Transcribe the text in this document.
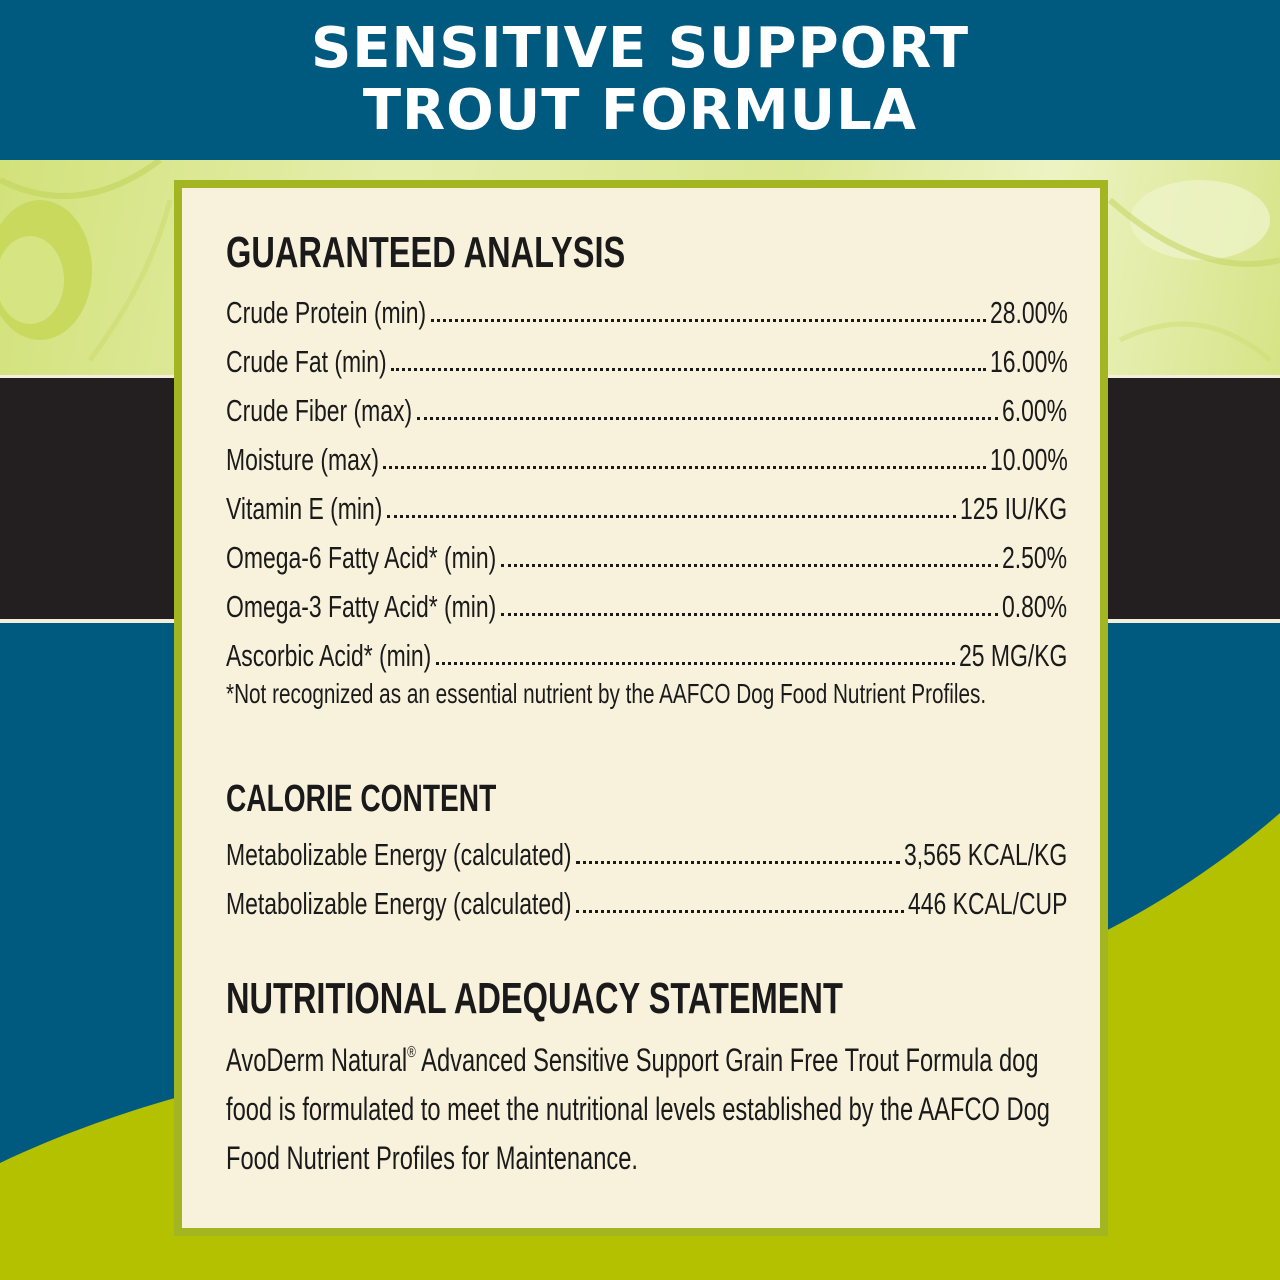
SENSITIVE SUPPORT
TROUT FORMULA
GUARANTEED ANALYSIS
Crude Protein (min)	28.00%
Crude Fat (min)	16.00%
Crude Fiber (max)	6.00%
Moisture (max)	10.00%
Vitamin E (min)	125 IU/KG
Omega-6 Fatty Acid* (min)	2.50%
Omega-3 Fatty Acid* (min)	0.80%
Ascorbic Acid* (min)	25 MG/KG
*Not recognized as an essential nutrient by the AAFCO Dog Food Nutrient Profiles.
CALORIE CONTENT
Metabolizable Energy (calculated)	3,565 KCAL/KG
Metabolizable Energy (calculated)	446 KCAL/CUP
NUTRITIONAL ADEQUACY STATEMENT
AvoDerm Natural® Advanced Sensitive Support Grain Free Trout Formula dog
food is formulated to meet the nutritional levels established by the AAFCO Dog
Food Nutrient Profiles for Maintenance.
